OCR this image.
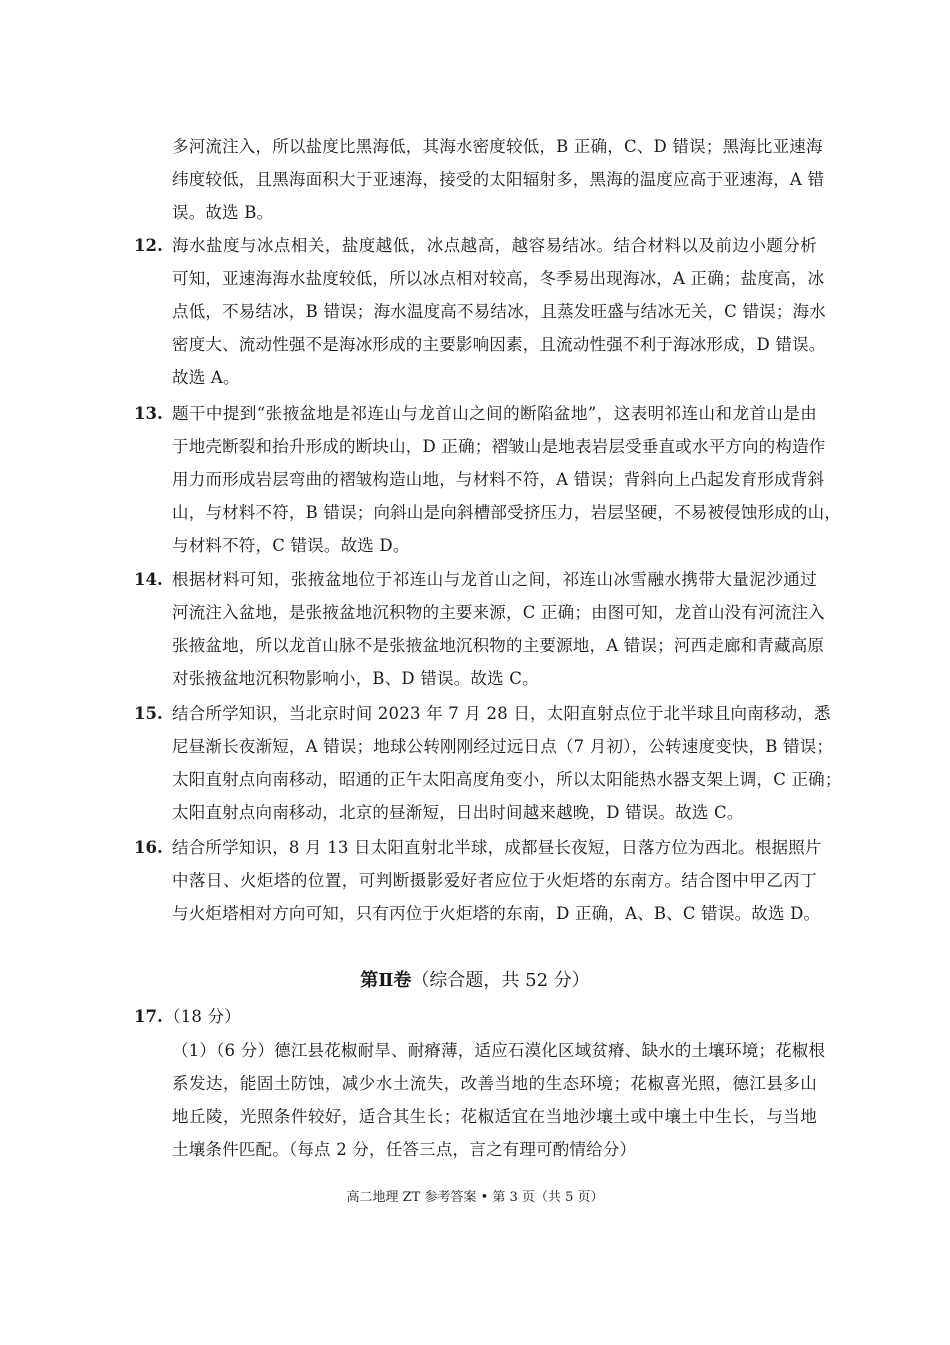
多河流注入，所以盐度比黑海低，其海水密度较低，B 正确，C、D 错误；黑海比亚速海
纬度较低，且黑海面积大于亚速海，接受的太阳辐射多，黑海的温度应高于亚速海，A 错
误。故选 B。
12. 海水盐度与冰点相关，盐度越低，冰点越高，越容易结冰。结合材料以及前边小题分析
可知，亚速海海水盐度较低，所以冰点相对较高，冬季易出现海冰，A 正确；盐度高，冰
点低，不易结冰，B 错误；海水温度高不易结冰，且蒸发旺盛与结冰无关，C 错误；海水
密度大、流动性强不是海冰形成的主要影响因素，且流动性强不利于海冰形成，D 错误。
故选 A。
13. 题干中提到“张掖盆地是祁连山与龙首山之间的断陷盆地”，这表明祁连山和龙首山是由
于地壳断裂和抬升形成的断块山，D 正确；褶皱山是地表岩层受垂直或水平方向的构造作
用力而形成岩层弯曲的褶皱构造山地，与材料不符，A 错误；背斜向上凸起发育形成背斜
山，与材料不符，B 错误；向斜山是向斜槽部受挤压力，岩层坚硬，不易被侵蚀形成的山，
与材料不符，C 错误。故选 D。
14. 根据材料可知，张掖盆地位于祁连山与龙首山之间，祁连山冰雪融水携带大量泥沙通过
河流注入盆地，是张掖盆地沉积物的主要来源，C 正确；由图可知，龙首山没有河流注入
张掖盆地，所以龙首山脉不是张掖盆地沉积物的主要源地，A 错误；河西走廊和青藏高原
对张掖盆地沉积物影响小，B、D 错误。故选 C。
15. 结合所学知识，当北京时间 2023 年 7 月 28 日，太阳直射点位于北半球且向南移动，悉
尼昼渐长夜渐短，A 错误；地球公转刚刚经过远日点（7 月初），公转速度变快，B 错误；
太阳直射点向南移动，昭通的正午太阳高度角变小，所以太阳能热水器支架上调，C 正确；
太阳直射点向南移动，北京的昼渐短，日出时间越来越晚，D 错误。故选 C。
16. 结合所学知识，8 月 13 日太阳直射北半球，成都昼长夜短，日落方位为西北。根据照片
中落日、火炬塔的位置，可判断摄影爱好者应位于火炬塔的东南方。结合图中甲乙丙丁
与火炬塔相对方向可知，只有丙位于火炬塔的东南，D 正确，A、B、C 错误。故选 D。
第Ⅱ卷（综合题，共 52 分）
17. （18 分）
（1）（6 分）德江县花椒耐旱、耐瘠薄，适应石漠化区域贫瘠、缺水的土壤环境；花椒根
系发达，能固土防蚀，减少水土流失，改善当地的生态环境；花椒喜光照，德江县多山
地丘陵，光照条件较好，适合其生长；花椒适宜在当地沙壤土或中壤土中生长，与当地
土壤条件匹配。（每点 2 分，任答三点，言之有理可酌情给分）
高二地理 ZT 参考答案 • 第 3 页（共 5 页）
